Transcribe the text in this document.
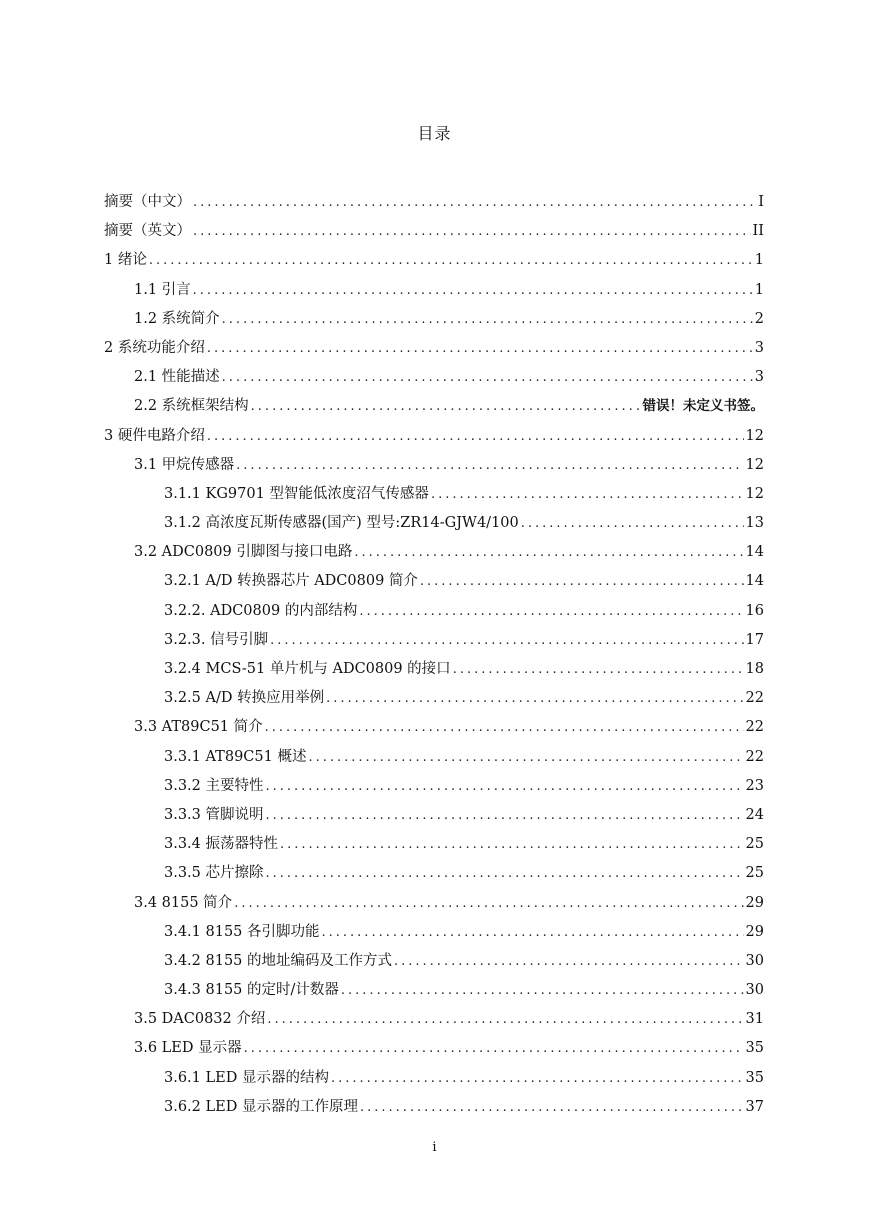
目录
摘要（中文） .....	I
摘要（英文） .....	II
1 绪论 .....	1
1.1 引言 .....	1
1.2 系统简介 .....	2
2 系统功能介绍 .....	3
2.1 性能描述 .....	3
2.2 系统框架结构 .....	错误！未定义书签。
3 硬件电路介绍 .....	12
3.1 甲烷传感器 .....	12
3.1.1 KG9701 型智能低浓度沼气传感器 .....	12
3.1.2 高浓度瓦斯传感器(国产) 型号:ZR14-GJW4/100 .....	13
3.2 ADC0809 引脚图与接口电路 .....	14
3.2.1 A/D 转换器芯片 ADC0809 简介 .....	14
3.2.2. ADC0809 的内部结构 .....	16
3.2.3. 信号引脚 .....	17
3.2.4 MCS-51 单片机与 ADC0809 的接口 .....	18
3.2.5 A/D 转换应用举例 .....	22
3.3 AT89C51 简介 .....	22
3.3.1 AT89C51 概述 .....	22
3.3.2 主要特性 .....	23
3.3.3 管脚说明 .....	24
3.3.4 振荡器特性 .....	25
3.3.5 芯片擦除 .....	25
3.4 8155 简介 .....	29
3.4.1 8155 各引脚功能 .....	29
3.4.2 8155 的地址编码及工作方式 .....	30
3.4.3 8155 的定时/计数器 .....	30
3.5 DAC0832 介绍 .....	31
3.6 LED 显示器 .....	35
3.6.1 LED 显示器的结构 .....	35
3.6.2 LED 显示器的工作原理 .....	37
i
